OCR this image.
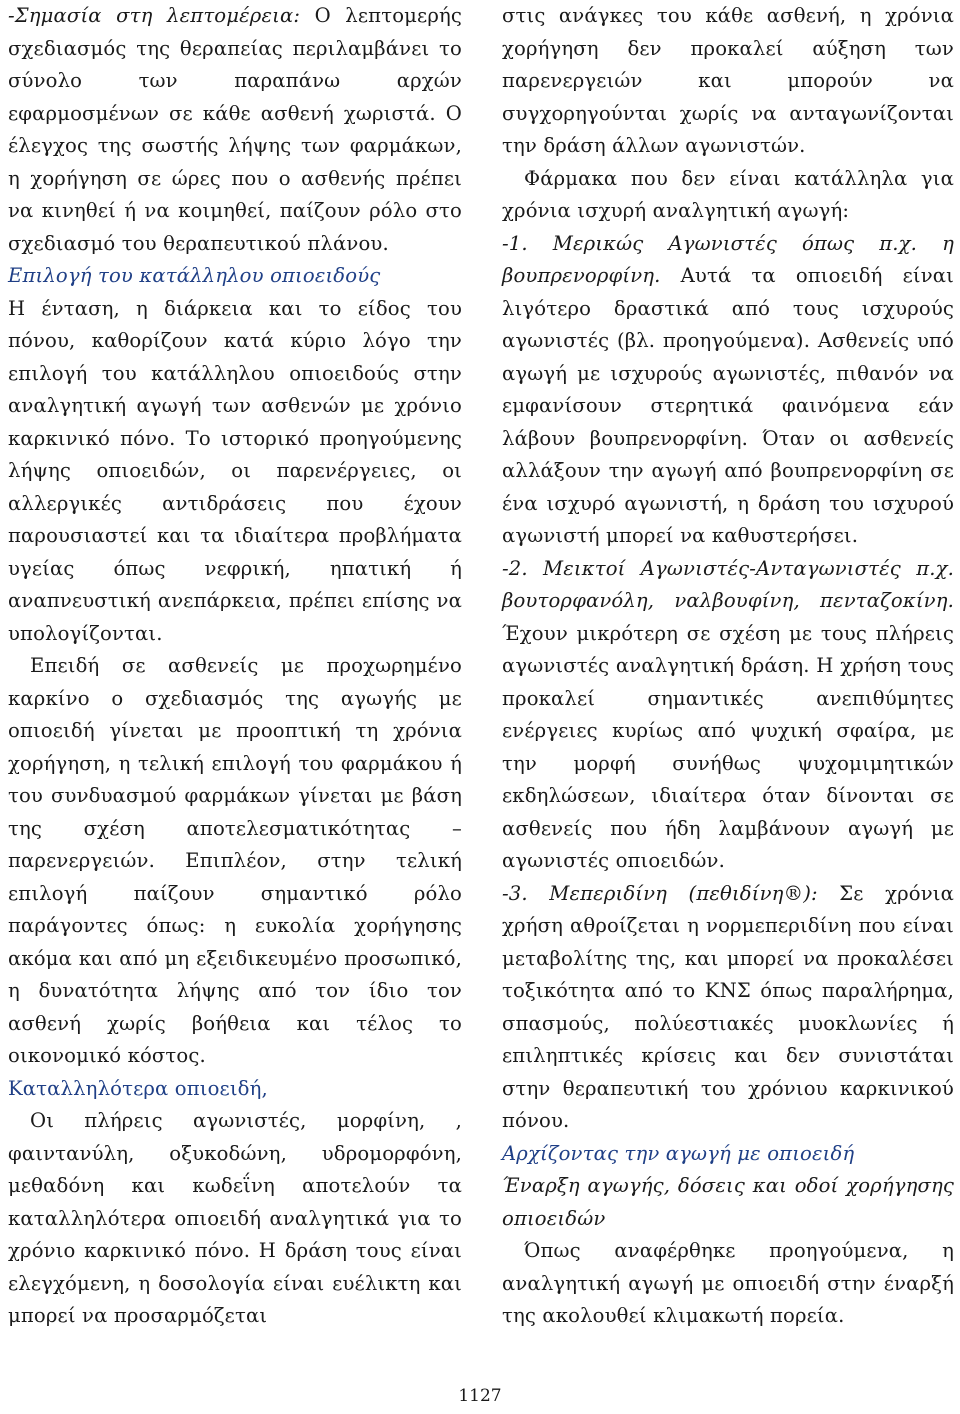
-Σημασία στη λεπτομέρεια: Ο λεπτομερής σχεδιασμός της θεραπείας περιλαμβάνει το σύνολο των παραπάνω αρχών εφαρμοσμένων σε κάθε ασθενή χωριστά. Ο έλεγχος της σωστής λήψης των φαρμάκων, η χορήγηση σε ώρες που ο ασθενής πρέπει να κινηθεί ή να κοιμηθεί, παίζουν ρόλο στο σχεδιασμό του θεραπευτικού πλάνου.

Επιλογή του κατάλληλου οπιοειδούς

Η ένταση, η διάρκεια και το είδος του πόνου, καθορίζουν κατά κύριο λόγο την επιλογή του κατάλληλου οπιοειδούς στην αναλγητική αγωγή των ασθενών με χρόνιο καρκινικό πόνο. Το ιστορικό προηγούμενης λήψης οπιοειδών, οι παρενέργειες, οι αλλεργικές αντιδράσεις που έχουν παρουσιαστεί και τα ιδιαίτερα προβλήματα υγείας όπως νεφρική, ηπατική ή αναπνευστική ανεπάρκεια, πρέπει επίσης να υπολογίζονται.

Επειδή σε ασθενείς με προχωρημένο καρκίνο ο σχεδιασμός της αγωγής με οπιοειδή γίνεται με προοπτική τη χρόνια χορήγηση, η τελική επιλογή του φαρμάκου ή του συνδυασμού φαρμάκων γίνεται με βάση της σχέση αποτελεσματικότητας – παρενεργειών. Επιπλέον, στην τελική επιλογή παίζουν σημαντικό ρόλο παράγοντες όπως: η ευκολία χορήγησης ακόμα και από μη εξειδικευμένο προσωπικό, η δυνατότητα λήψης από τον ίδιο τον ασθενή χωρίς βοήθεια και τέλος το οικονομικό κόστος.

Καταλληλότερα οπιοειδή,

Οι πλήρεις αγωνιστές, μορφίνη, , φαιντανύλη, οξυκοδώνη, υδρομορφόνη, μεθαδόνη και κωδεΐνη αποτελούν τα καταλληλότερα οπιοειδή αναλγητικά για το χρόνιο καρκινικό πόνο. Η δράση τους είναι ελεγχόμενη, η δοσολογία είναι ευέλικτη και μπορεί να προσαρμόζεται

στις ανάγκες του κάθε ασθενή, η χρόνια χορήγηση δεν προκαλεί αύξηση των παρενεργειών και μπορούν να συγχορηγούνται χωρίς να ανταγωνίζονται την δράση άλλων αγωνιστών.

Φάρμακα που δεν είναι κατάλληλα για χρόνια ισχυρή αναλγητική αγωγή:

-1. Μερικώς Αγωνιστές όπως π.χ. η βουπρενορφίνη. Αυτά τα οπιοειδή είναι λιγότερο δραστικά από τους ισχυρούς αγωνιστές (βλ. προηγούμενα). Ασθενείς υπό αγωγή με ισχυρούς αγωνιστές, πιθανόν να εμφανίσουν στερητικά φαινόμενα εάν λάβουν βουπρενορφίνη. Όταν οι ασθενείς αλλάξουν την αγωγή από βουπρενορφίνη σε ένα ισχυρό αγωνιστή, η δράση του ισχυρού αγωνιστή μπορεί να καθυστερήσει.

-2. Μεικτοί Αγωνιστές-Ανταγωνιστές π.χ. βουτορφανόλη, ναλβουφίνη, πενταζοκίνη. Έχουν μικρότερη σε σχέση με τους πλήρεις αγωνιστές αναλγητική δράση. Η χρήση τους προκαλεί σημαντικές ανεπιθύμητες ενέργειες κυρίως από ψυχική σφαίρα, με την μορφή συνήθως ψυχομιμητικών εκδηλώσεων, ιδιαίτερα όταν δίνονται σε ασθενείς που ήδη λαμβάνουν αγωγή με αγωνιστές οπιοειδών.

-3. Μεπεριδίνη (πεθιδίνη®): Σε χρόνια χρήση αθροίζεται η νορμεπεριδίνη που είναι μεταβολίτης της, και μπορεί να προκαλέσει τοξικότητα από το ΚΝΣ όπως παραλήρημα, σπασμούς, πολύεστιακές μυοκλωνίες ή επιληπτικές κρίσεις και δεν συνιστάται στην θεραπευτική του χρόνιου καρκινικού πόνου.

Αρχίζοντας την αγωγή με οπιοειδή

Έναρξη αγωγής, δόσεις και οδοί χορήγησης οπιοειδών

Όπως αναφέρθηκε προηγούμενα, η αναλγητική αγωγή με οπιοειδή στην έναρξή της ακολουθεί κλιμακωτή πορεία.

1127
